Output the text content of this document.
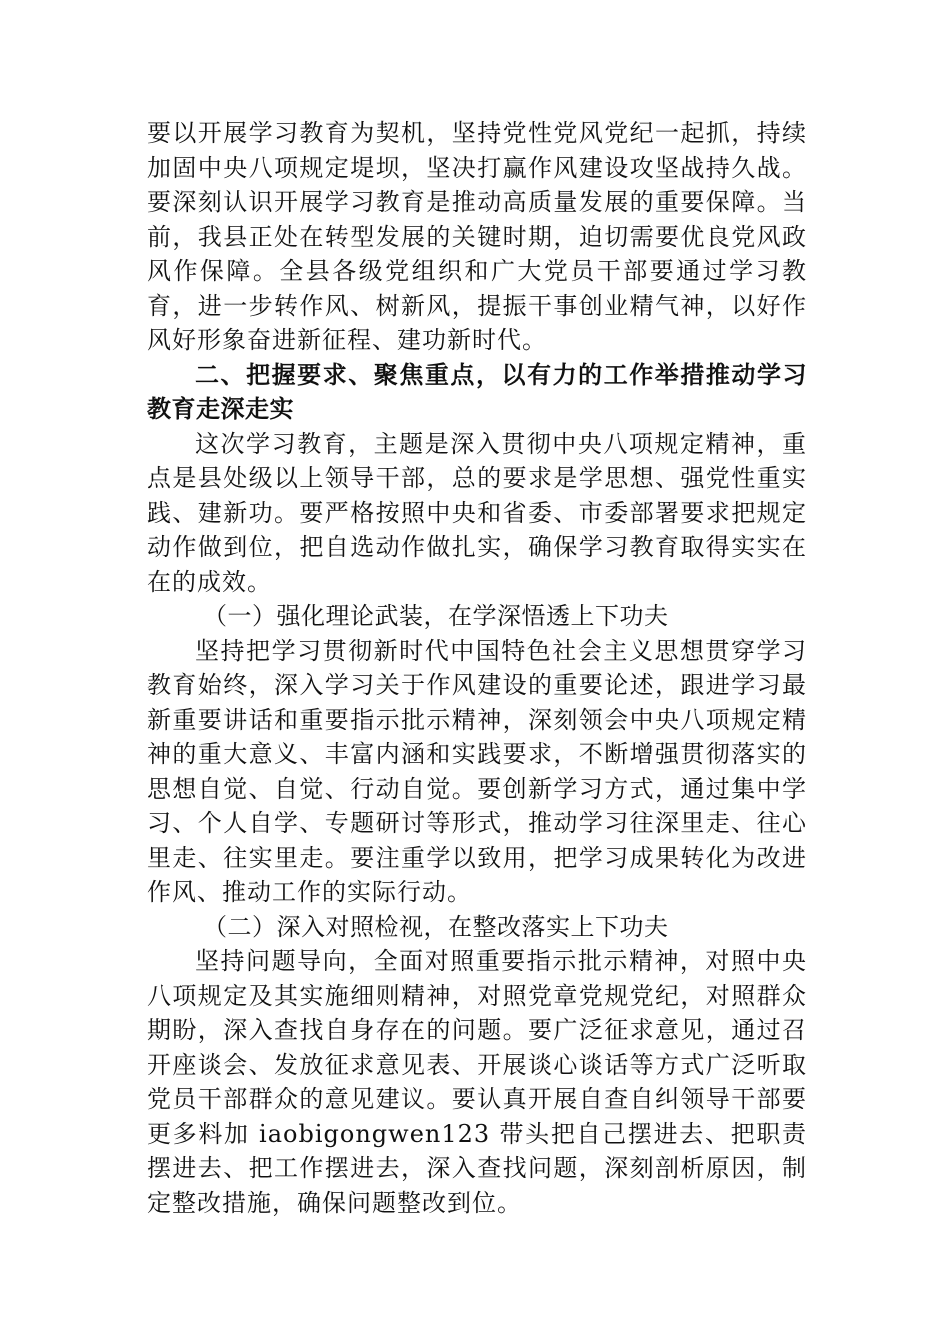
要以开展学习教育为契机，坚持党性党风党纪一起抓，持续加固中央八项规定堤坝，坚决打赢作风建设攻坚战持久战。要深刻认识开展学习教育是推动高质量发展的重要保障。当前，我县正处在转型发展的关键时期，迫切需要优良党风政风作保障。全县各级党组织和广大党员干部要通过学习教育，进一步转作风、树新风，提振干事创业精气神，以好作风好形象奋进新征程、建功新时代。

二、把握要求、聚焦重点，以有力的工作举措推动学习教育走深走实

这次学习教育，主题是深入贯彻中央八项规定精神，重点是县处级以上领导干部，总的要求是学思想、强党性重实践、建新功。要严格按照中央和省委、市委部署要求把规定动作做到位，把自选动作做扎实，确保学习教育取得实实在在的成效。

（一）强化理论武装，在学深悟透上下功夫

坚持把学习贯彻新时代中国特色社会主义思想贯穿学习教育始终，深入学习关于作风建设的重要论述，跟进学习最新重要讲话和重要指示批示精神，深刻领会中央八项规定精神的重大意义、丰富内涵和实践要求，不断增强贯彻落实的思想自觉、自觉、行动自觉。要创新学习方式，通过集中学习、个人自学、专题研讨等形式，推动学习往深里走、往心里走、往实里走。要注重学以致用，把学习成果转化为改进作风、推动工作的实际行动。

（二）深入对照检视，在整改落实上下功夫

坚持问题导向，全面对照重要指示批示精神，对照中央八项规定及其实施细则精神，对照党章党规党纪，对照群众期盼，深入查找自身存在的问题。要广泛征求意见，通过召开座谈会、发放征求意见表、开展谈心谈话等方式广泛听取党员干部群众的意见建议。要认真开展自查自纠领导干部要更多料加 iaobigongwen123 带头把自己摆进去、把职责摆进去、把工作摆进去，深入查找问题，深刻剖析原因，制定整改措施，确保问题整改到位。
